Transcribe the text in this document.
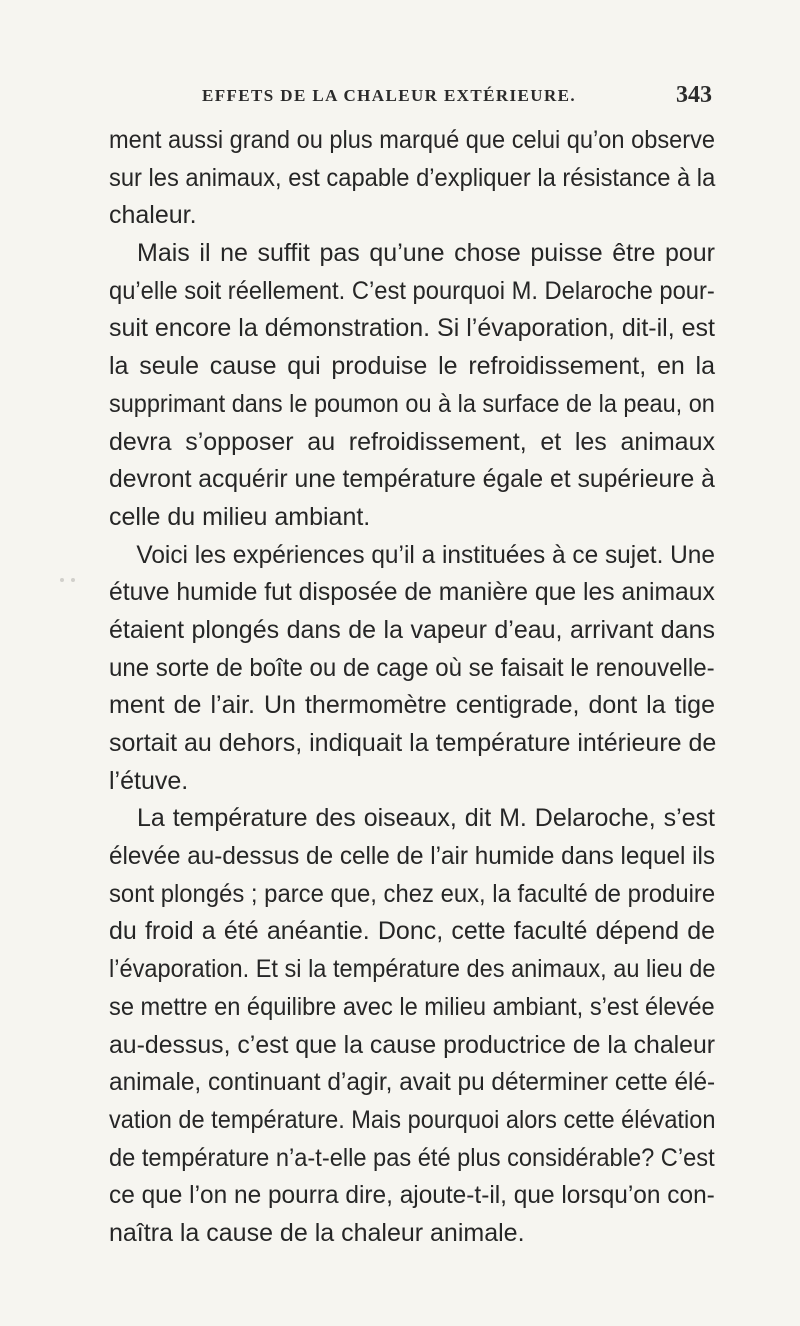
EFFETS DE LA CHALEUR EXTÉRIEURE.	343
ment aussi grand ou plus marqué que celui qu’on observe
sur les animaux, est capable d’expliquer la résistance à la
chaleur.
Mais il ne suffit pas qu’une chose puisse être pour
qu’elle soit réellement. C’est pourquoi M. Delaroche pour-
suit encore la démonstration. Si l’évaporation, dit-il, est
la seule cause qui produise le refroidissement, en la
supprimant dans le poumon ou à la surface de la peau, on
devra s’opposer au refroidissement, et les animaux
devront acquérir une température égale et supérieure à
celle du milieu ambiant.
Voici les expériences qu’il a instituées à ce sujet. Une
étuve humide fut disposée de manière que les animaux
étaient plongés dans de la vapeur d’eau, arrivant dans
une sorte de boîte ou de cage où se faisait le renouvelle-
ment de l’air. Un thermomètre centigrade, dont la tige
sortait au dehors, indiquait la température intérieure de
l’étuve.
La température des oiseaux, dit M. Delaroche, s’est
élevée au-dessus de celle de l’air humide dans lequel ils
sont plongés ; parce que, chez eux, la faculté de produire
du froid a été anéantie. Donc, cette faculté dépend de
l’évaporation. Et si la température des animaux, au lieu de
se mettre en équilibre avec le milieu ambiant, s’est élevée
au-dessus, c’est que la cause productrice de la chaleur
animale, continuant d’agir, avait pu déterminer cette élé-
vation de température. Mais pourquoi alors cette élévation
de température n’a-t-elle pas été plus considérable? C’est
ce que l’on ne pourra dire, ajoute-t-il, que lorsqu’on con-
naîtra la cause de la chaleur animale.
